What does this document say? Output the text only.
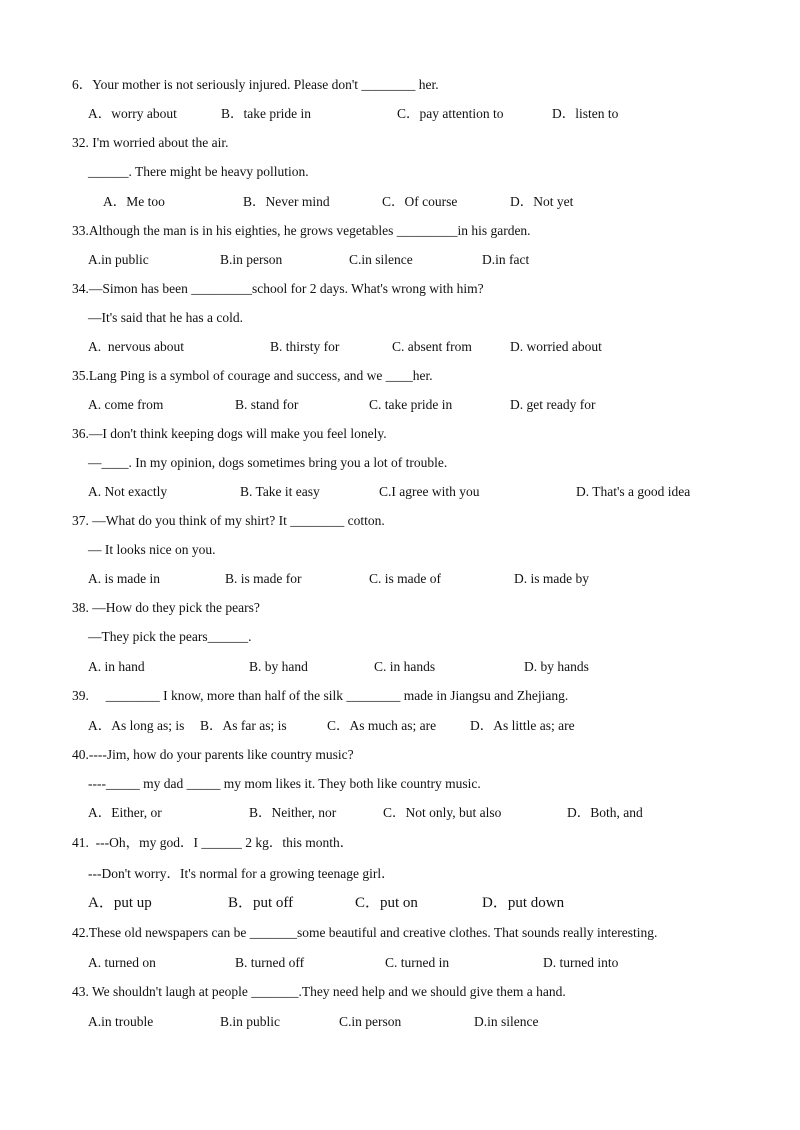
6．Your mother is not seriously injured. Please don't ________ her.
A．worry about	B．take pride in	C．pay attention to	D．listen to
32. I'm worried about the air.
______. There might be heavy pollution.
A．Me too	B．Never mind	C．Of course	D．Not yet
33.Although the man is in his eighties, he grows vegetables _________in his garden.
A.in public	B.in person	C.in silence	D.in fact
34.—Simon has been _________school for 2 days. What's wrong with him?
—It's said that he has a cold.
A.  nervous about	B. thirsty for	C. absent from	D. worried about
35.Lang Ping is a symbol of courage and success, and we ____her.
A. come from	B. stand for	C. take pride in	D. get ready for
36.—I don't think keeping dogs will make you feel lonely.
—____. In my opinion, dogs sometimes bring you a lot of trouble.
A. Not exactly	B. Take it easy	C.I agree with you	D. That's a good idea
37. —What do you think of my shirt? It ________ cotton.
— It looks nice on you.
A. is made in	B. is made for	C. is made of	D. is made by
38. —How do they pick the pears?
—They pick the pears______.
A. in hand	B. by hand	C. in hands	D. by hands
39.     ________ I know, more than half of the silk ________ made in Jiangsu and Zhejiang.
A．As long as; is B．As far as; is	C．As much as; are	D．As little as; are
40.----Jim, how do your parents like country music?
----_____ my dad _____ my mom likes it. They both like country music.
A．Either, or	B．Neither, nor	C．Not only, but also	D．Both, and
41.  ---Oh，my god．I ______ 2 kg．this month．
---Don't worry．It's normal for a growing teenage girl．
A．put up	B．put off	C．put on	D．put down
42.These old newspapers can be _______some beautiful and creative clothes. That sounds really interesting.
A. turned on	B. turned off	C. turned in	D. turned into
43. We shouldn't laugh at people _______.They need help and we should give them a hand.
A.in trouble	B.in public	C.in person	D.in silence
